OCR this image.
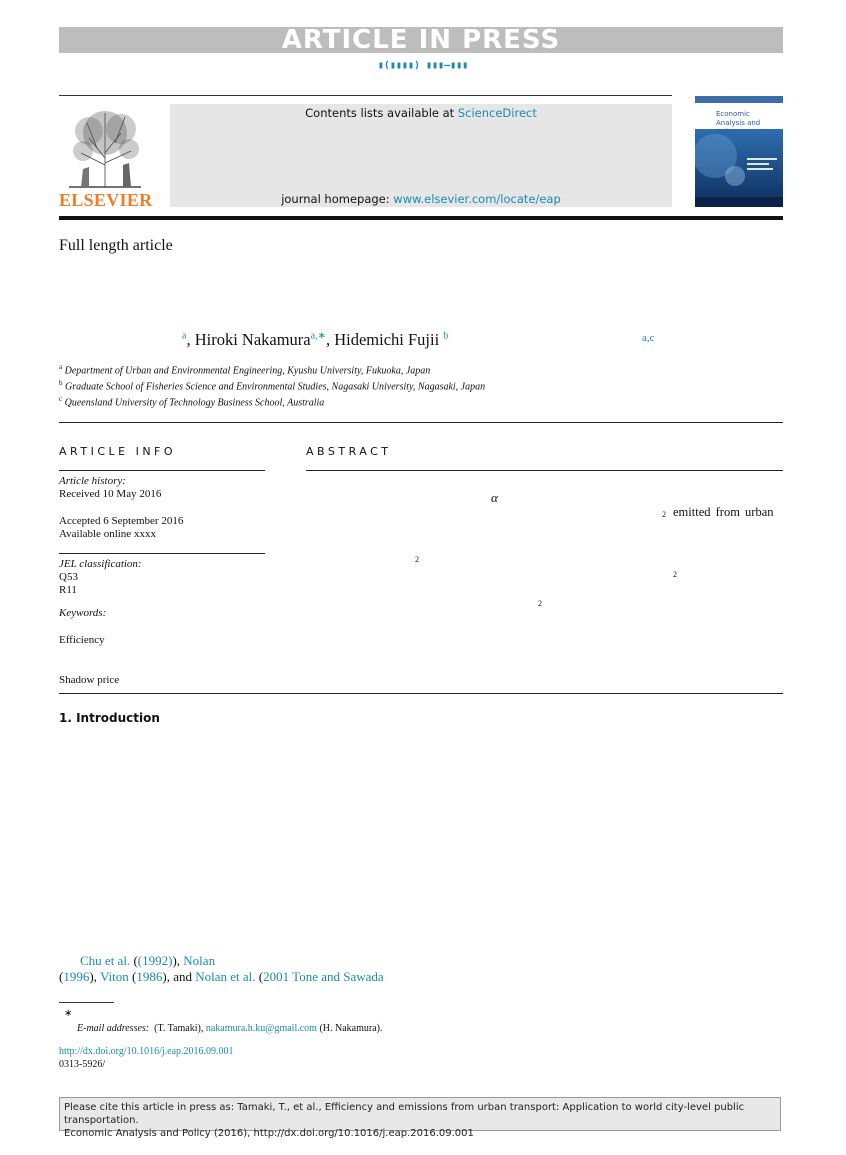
ARTICLE IN PRESS
▮(▮▮▮▮) ▮▮▮–▮▮▮
ELSEVIER
Contents lists available at ScienceDirect
journal homepage: www.elsevier.com/locate/eap
Economic Analysis and Policy
Full length article
$^a$, Hiroki Nakamura$^{a,∗}$, Hidemichi Fujii $^b$	a,c
$^a$ Department of Urban and Environmental Engineering, Kyushu University, Fukuoka, Japan
$^b$ Graduate School of Fisheries Science and Environmental Studies, Nagasaki University, Nagasaki, Japan
$^c$ Queensland University of Technology Business School, Australia
ARTICLE INFO
Article history:
Received 10 May 2016
Accepted 6 September 2016
Available online xxxx
JEL classification:
Q53
R11
Keywords:
Efficiency
Shadow price
ABSTRACT
α
2 emitted from urban
2
2
2
1. Introduction
Chu et al. ((1992)), Nolan
(1996), Viton (1986), and Nolan et al. (2001 Tone and Sawada
∗
E-mail addresses: (T. Tamaki), nakamura.h.ku@gmail.com (H. Nakamura).
http://dx.doi.org/10.1016/j.eap.2016.09.001
0313-5926/
Please cite this article in press as: Tamaki, T., et al., Efficiency and emissions from urban transport: Application to world city-level public transportation.
Economic Analysis and Policy (2016), http://dx.doi.org/10.1016/j.eap.2016.09.001
